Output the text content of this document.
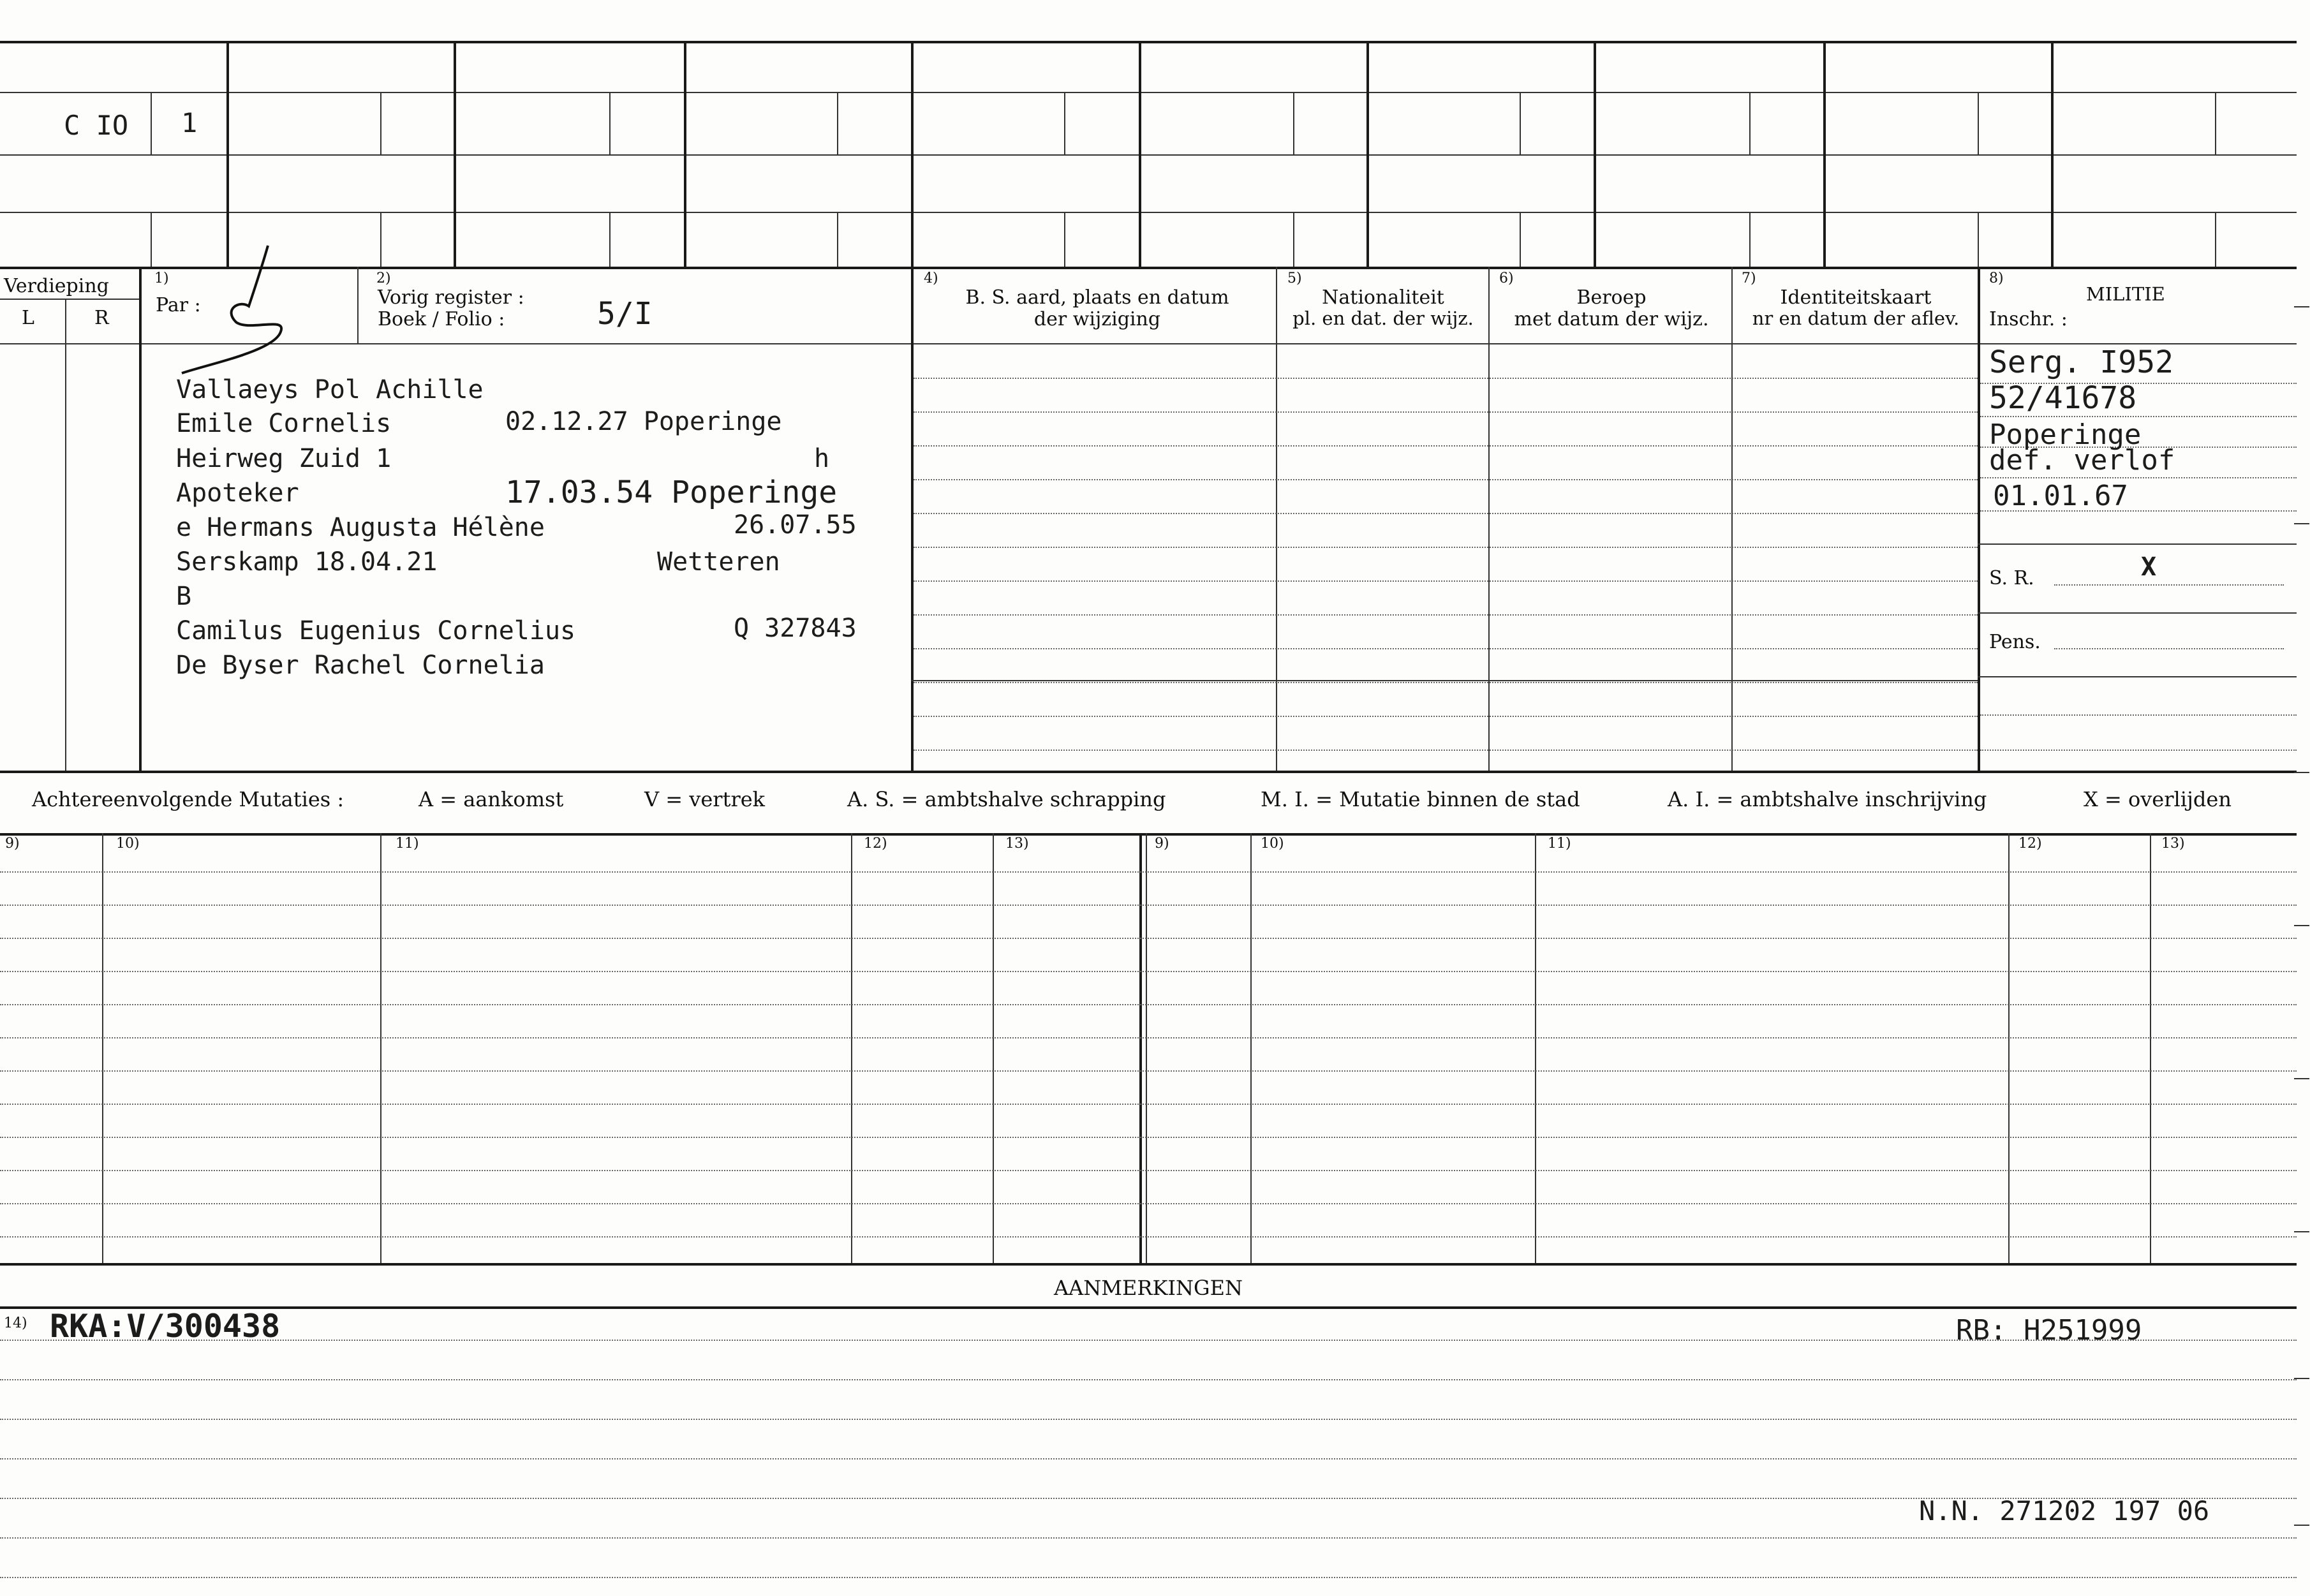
C IO 1
Verdieping
L	R
1)
Par :
2)
Vorig register :
Boek / Folio :	5/I
4)
B. S. aard, plaats en datum
der wijziging
5)
Nationaliteit
pl. en dat. der wijz.
6)
Beroep
met datum der wijz.
7)
Identiteitskaart
nr en datum der aflev.
8)
MILITIE
Inschr. :
Vallaeys Pol Achille
Emile Cornelis	02.12.27 Poperinge
Heirweg Zuid 1	h
Apoteker	17.03.54 Poperinge
e Hermans Augusta Hélène	26.07.55
Serskamp 18.04.21	Wetteren
B
Camilus Eugenius Cornelius	Q 327843
De Byser Rachel Cornelia
Serg. I952
52/41678
Poperinge
def. verlof
01.01.67
S. R.	X
Pens.
Achtereenvolgende Mutaties :	A = aankomst	V = vertrek	A. S. = ambtshalve schrapping	M. I. = Mutatie binnen de stad	A. I. = ambtshalve inschrijving	X = overlijden
9)	10)	11)	12)	13)	9)	10)	11)	12)	13)
AANMERKINGEN
14) RKA:V/300438	RB: H251999
N.N. 271202 197 06
